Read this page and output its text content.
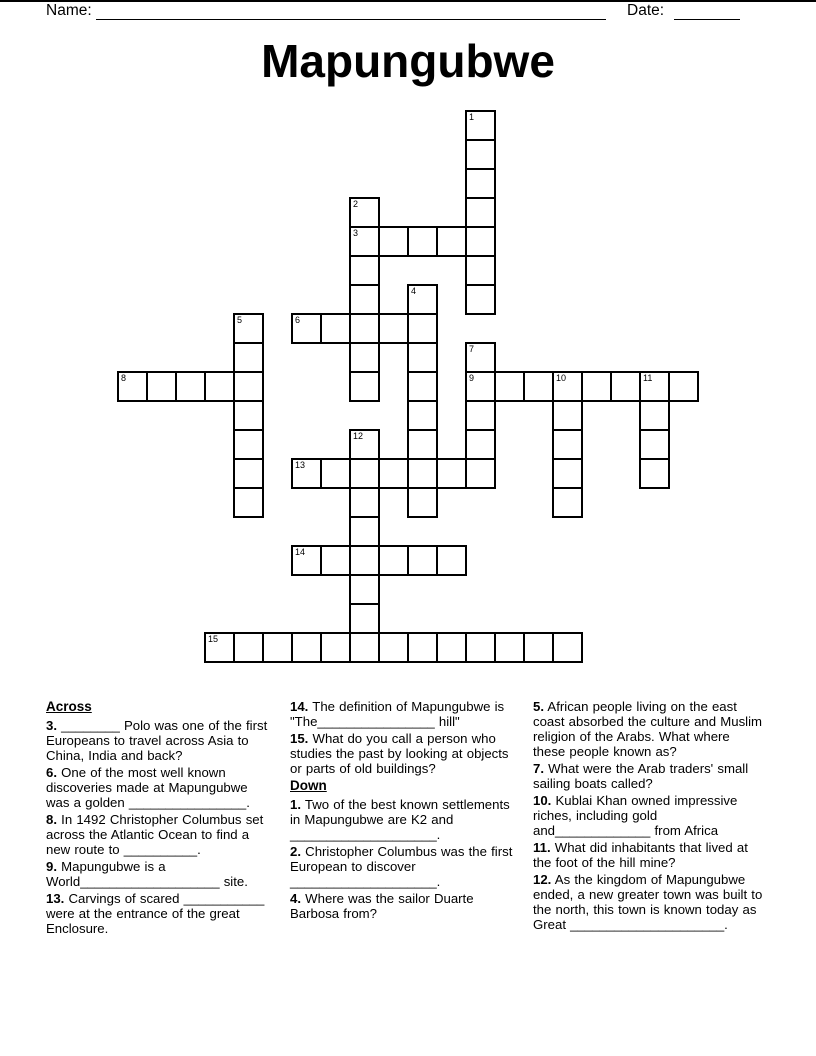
Name:	Date:
Mapungubwe
1
2
3
4
5	6
7
8	9	10	11
12
13
14
15

Across

3. ________ Polo was one of the first Europeans to travel across Asia to China, India and back?

6. One of the most well known discoveries made at Mapungubwe was a golden ________________.

8. In 1492 Christopher Columbus set across the Atlantic Ocean to find a new route to __________.

9. Mapungubwe is a World___________________ site.

13. Carvings of scared ___________ were at the entrance of the great Enclosure.

14. The definition of Mapungubwe is "The________________ hill"

15. What do you call a person who studies the past by looking at objects or parts of old buildings?

Down

1. Two of the best known settlements in Mapungubwe are K2 and ____________________.

2. Christopher Columbus was the first European to discover ____________________.

4. Where was the sailor Duarte Barbosa from?

5. African people living on the east coast absorbed the culture and Muslim religion of the Arabs. What where these people known as?

7. What were the Arab traders' small sailing boats called?

10. Kublai Khan owned impressive riches, including gold and_____________ from Africa

11. What did inhabitants that lived at the foot of the hill mine?

12. As the kingdom of Mapungubwe ended, a new greater town was built to the north, this town is known today as Great _____________________.
